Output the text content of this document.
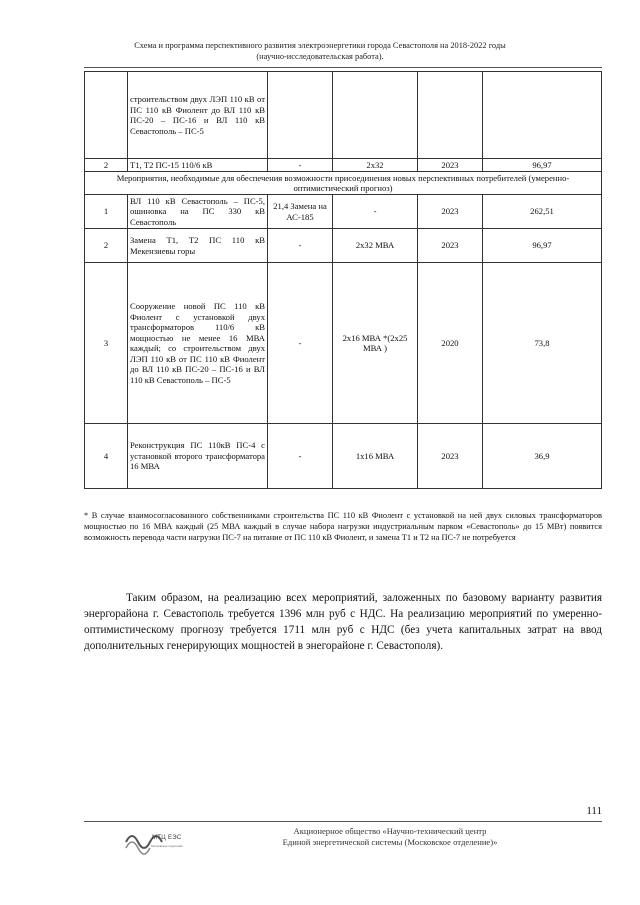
Схема и программа перспективного развития электроэнергетики города Севастополя на 2018-2022 годы
(научно-исследовательская работа).
	строительством двух ЛЭП 110 кВ от ПС 110 кВ Фиолент до ВЛ 110 кВ ПС-20 – ПС-16 и ВЛ 110 кВ Севастополь – ПС-5				
2	Т1, Т2 ПС-15 110/6 кВ	-	2х32	2023	96,97
Мероприятия, необходимые для обеспечения возможности присоединения новых перспективных потребителей (умеренно-оптимистический прогноз)					
1	ВЛ 110 кВ Севастополь – ПС-5, ошиновка на ПС 330 кВ Севастополь	21,4 Замена на АС-185	-	2023	262,51
2	Замена Т1, Т2 ПС 110 кВ Мекензиевы горы	-	2х32 МВА	2023	96,97
3	Сооружение новой ПС 110 кВ Фиолент с установкой двух трансформаторов 110/6 кВ мощностью не менее 16 МВА каждый; со строительством двух ЛЭП 110 кВ от ПС 110 кВ Фиолент до ВЛ 110 кВ ПС-20 – ПС-16 и ВЛ 110 кВ Севастополь – ПС-5	-	2х16 МВА *(2х25 МВА )	2020	73,8
4	Реконструкция ПС 110кВ ПС-4 с установкой второго трансформатора 16 МВА	-	1х16 МВА	2023	36,9
* В случае взаимосогласованного собственниками строительства ПС 110 кВ Фиолент с установкой на ней двух силовых трансформаторов мощностью по 16 МВА каждый (25 МВА каждый в случае набора нагрузки индустриальным парком «Севастополь» до 15 МВт) появится возможность перевода части нагрузки ПС-7 на питание от ПС 110 кВ Фиолент, и замена Т1 и Т2 на ПС-7 не потребуется
Таким образом, на реализацию всех мероприятий, заложенных по базовому варианту развития энергорайона г. Севастополь требуется 1396 млн руб с НДС. На реализацию мероприятий по умеренно-оптимистическому прогнозу требуется 1711 млн руб с НДС (без учета капитальных затрат на ввод дополнительных генерирующих мощностей в энегорайоне г. Севастополя).
111
МТЦ ЕЭС
Московское отделение
Акционерное общество «Научно-технический центр
Единой энергетической системы (Московское отделение)»
